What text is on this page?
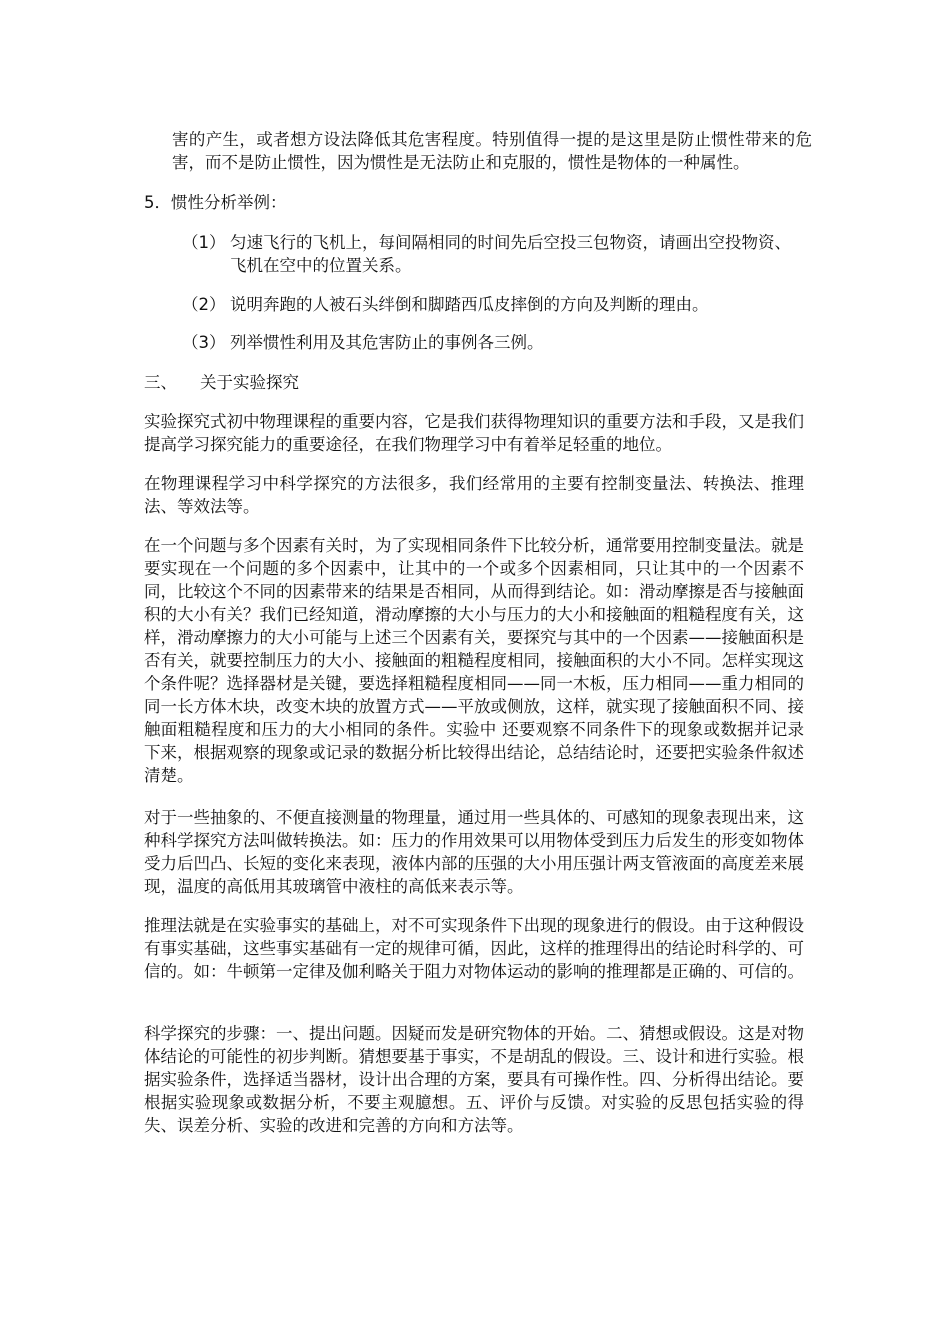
害的产生，或者想方设法降低其危害程度。特别值得一提的是这里是防止惯性带来的危害，而不是防止惯性，因为惯性是无法防止和克服的，惯性是物体的一种属性。

5．惯性分析举例：
（1） 匀速飞行的飞机上，每间隔相同的时间先后空投三包物资，请画出空投物资、飞机在空中的位置关系。
（2） 说明奔跑的人被石头绊倒和脚踏西瓜皮摔倒的方向及判断的理由。
（3） 列举惯性利用及其危害防止的事例各三例。
三、 关于实验探究

实验探究式初中物理课程的重要内容，它是我们获得物理知识的重要方法和手段，又是我们提高学习探究能力的重要途径，在我们物理学习中有着举足轻重的地位。

在物理课程学习中科学探究的方法很多，我们经常用的主要有控制变量法、转换法、推理法、等效法等。

在一个问题与多个因素有关时，为了实现相同条件下比较分析，通常要用控制变量法。就是要实现在一个问题的多个因素中，让其中的一个或多个因素相同，只让其中的一个因素不同，比较这个不同的因素带来的结果是否相同，从而得到结论。如：滑动摩擦是否与接触面积的大小有关？我们已经知道，滑动摩擦的大小与压力的大小和接触面的粗糙程度有关，这样，滑动摩擦力的大小可能与上述三个因素有关，要探究与其中的一个因素——接触面积是否有关，就要控制压力的大小、接触面的粗糙程度相同，接触面积的大小不同。怎样实现这个条件呢？选择器材是关键，要选择粗糙程度相同——同一木板，压力相同——重力相同的同一长方体木块，改变木块的放置方式——平放或侧放，这样，就实现了接触面积不同、接触面粗糙程度和压力的大小相同的条件。实验中 还要观察不同条件下的现象或数据并记录下来，根据观察的现象或记录的数据分析比较得出结论，总结结论时，还要把实验条件叙述清楚。

对于一些抽象的、不便直接测量的物理量，通过用一些具体的、可感知的现象表现出来，这种科学探究方法叫做转换法。如：压力的作用效果可以用物体受到压力后发生的形变如物体受力后凹凸、长短的变化来表现，液体内部的压强的大小用压强计两支管液面的高度差来展现，温度的高低用其玻璃管中液柱的高低来表示等。

推理法就是在实验事实的基础上，对不可实现条件下出现的现象进行的假设。由于这种假设有事实基础，这些事实基础有一定的规律可循，因此，这样的推理得出的结论时科学的、可信的。如：牛顿第一定律及伽利略关于阻力对物体运动的影响的推理都是正确的、可信的。

科学探究的步骤：一、提出问题。因疑而发是研究物体的开始。二、猜想或假设。这是对物体结论的可能性的初步判断。猜想要基于事实，不是胡乱的假设。三、设计和进行实验。根据实验条件，选择适当器材，设计出合理的方案，要具有可操作性。四、分析得出结论。要根据实验现象或数据分析，不要主观臆想。五、评价与反馈。对实验的反思包括实验的得失、误差分析、实验的改进和完善的方向和方法等。
